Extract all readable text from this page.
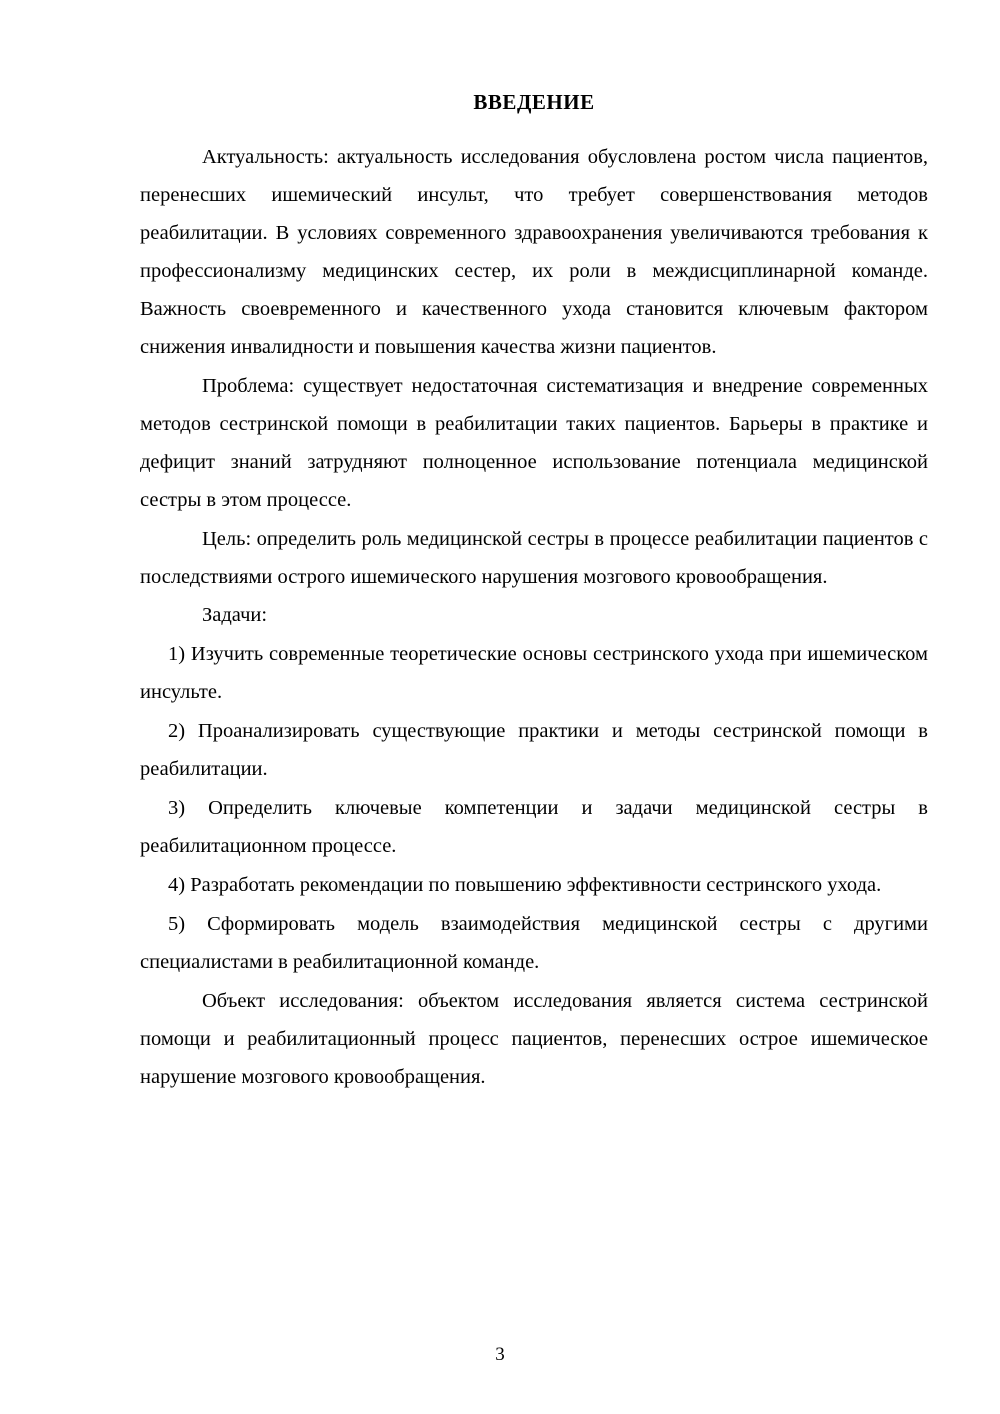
ВВЕДЕНИЕ

Актуальность: актуальность исследования обусловлена ростом числа пациентов, перенесших ишемический инсульт, что требует совершенствования методов реабилитации. В условиях современного здравоохранения увеличиваются требования к профессионализму медицинских сестер, их роли в междисциплинарной команде. Важность своевременного и качественного ухода становится ключевым фактором снижения инвалидности и повышения качества жизни пациентов.

Проблема: существует недостаточная систематизация и внедрение современных методов сестринской помощи в реабилитации таких пациентов. Барьеры в практике и дефицит знаний затрудняют полноценное использование потенциала медицинской сестры в этом процессе.

Цель: определить роль медицинской сестры в процессе реабилитации пациентов с последствиями острого ишемического нарушения мозгового кровообращения.

Задачи:

1) Изучить современные теоретические основы сестринского ухода при ишемическом инсульте.

2) Проанализировать существующие практики и методы сестринской помощи в реабилитации.

3) Определить ключевые компетенции и задачи медицинской сестры в реабилитационном процессе.

4) Разработать рекомендации по повышению эффективности сестринского ухода.

5) Сформировать модель взаимодействия медицинской сестры с другими специалистами в реабилитационной команде.

Объект исследования: объектом исследования является система сестринской помощи и реабилитационный процесс пациентов, перенесших острое ишемическое нарушение мозгового кровообращения.

3
